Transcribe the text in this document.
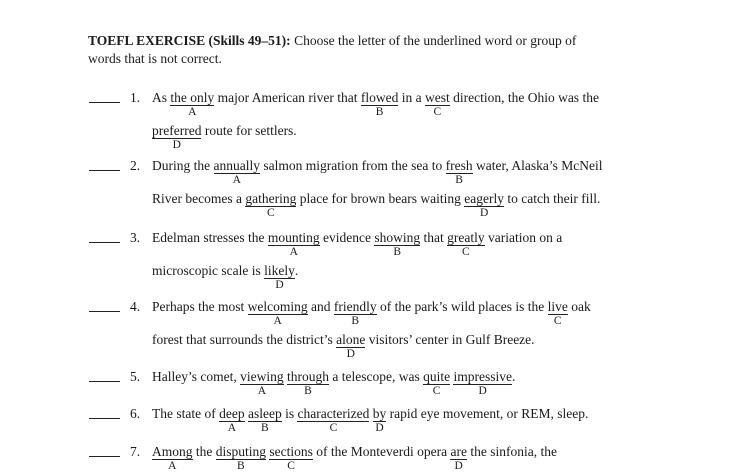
TOEFL EXERCISE (Skills 49–51): Choose the letter of the underlined word or group of
words that is not correct.
1. As the only
A
major American river that flowed
B
in a west
C
direction, the Ohio was the
preferred
D
route for settlers.
2. During the annually
A
salmon migration from the sea to fresh
B
water, Alaska’s McNeil
River becomes a gathering
C
place for brown bears waiting eagerly
D
to catch their fill.
3. Edelman stresses the mounting
A
evidence showing
B
that greatly
C
variation on a
microscopic scale is likely
D
.
4. Perhaps the most welcoming
A
and friendly
B
of the park’s wild places is the live
C
oak
forest that surrounds the district’s alone
D
visitors’ center in Gulf Breeze.
5. Halley’s comet, viewing
A
through
B
a telescope, was quite
C
impressive
D
.
6. The state of deep
A
asleep
B
is characterized
C
by
D
rapid eye movement, or REM, sleep.
7. Among
A
the disputing
B
sections
C
of the Monteverdi opera are
D
the sinfonia, the
